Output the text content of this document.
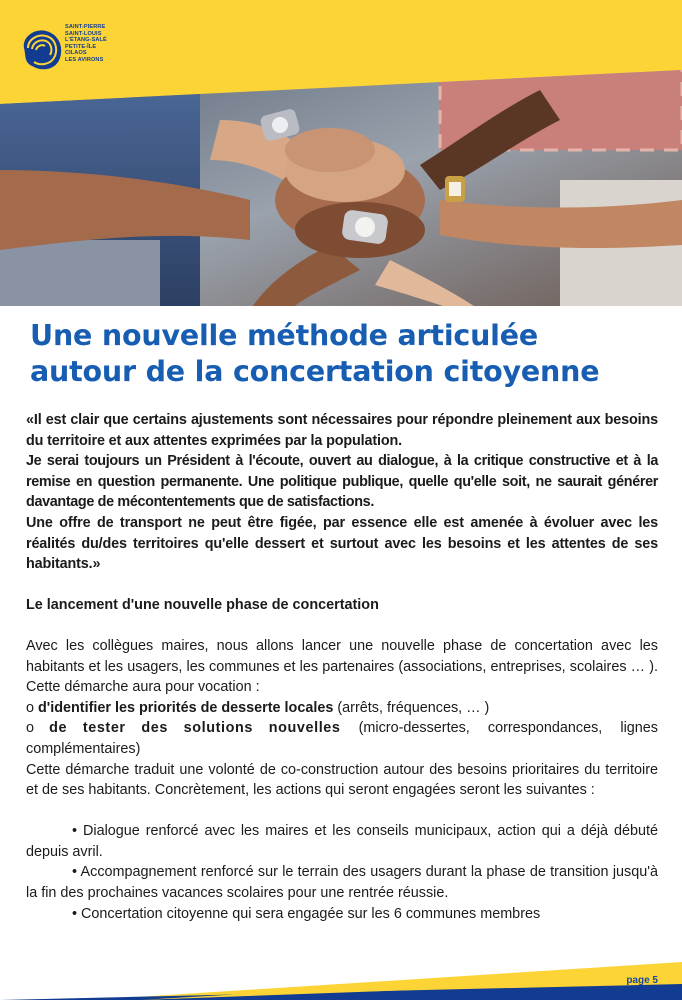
SAINT-PIERRE
SAINT-LOUIS
L'ÉTANG-SALÉ
PETITE-ÎLE
CILAOS
LES AVIRONS
Une nouvelle méthode articulée
autour de la concertation citoyenne

«Il est clair que certains ajustements sont nécessaires pour répondre pleinement aux besoins du territoire et aux attentes exprimées par la population.

Je serai toujours un Président à l'écoute, ouvert au dialogue, à la critique constructive et à la remise en question permanente. Une politique publique, quelle qu'elle soit, ne saurait générer davantage de mécontentements que de satisfactions.

Une offre de transport ne peut être figée, par essence elle est amenée à évoluer avec les réalités du/des territoires qu'elle dessert et surtout avec les besoins et les attentes de ses habitants.»

Le lancement d'une nouvelle phase de concertation

Avec les collègues maires, nous allons lancer une nouvelle phase de concertation avec les habitants et les usagers, les communes et les partenaires (associations, entreprises, scolaires … ). Cette démarche aura pour vocation :

o d'identifier les priorités de desserte locales (arrêts, fréquences, … )

o de tester des solutions nouvelles (micro-dessertes, correspondances, lignes complémentaires)

Cette démarche traduit une volonté de co-construction autour des besoins prioritaires du territoire et de ses habitants. Concrètement, les actions qui seront engagées seront les suivantes :

• Dialogue renforcé avec les maires et les conseils municipaux, action qui a déjà débuté depuis avril.

• Accompagnement renforcé sur le terrain des usagers durant la phase de transition jusqu'à la fin des prochaines vacances scolaires pour une rentrée réussie.

• Concertation citoyenne qui sera engagée sur les 6 communes membres

page 5
